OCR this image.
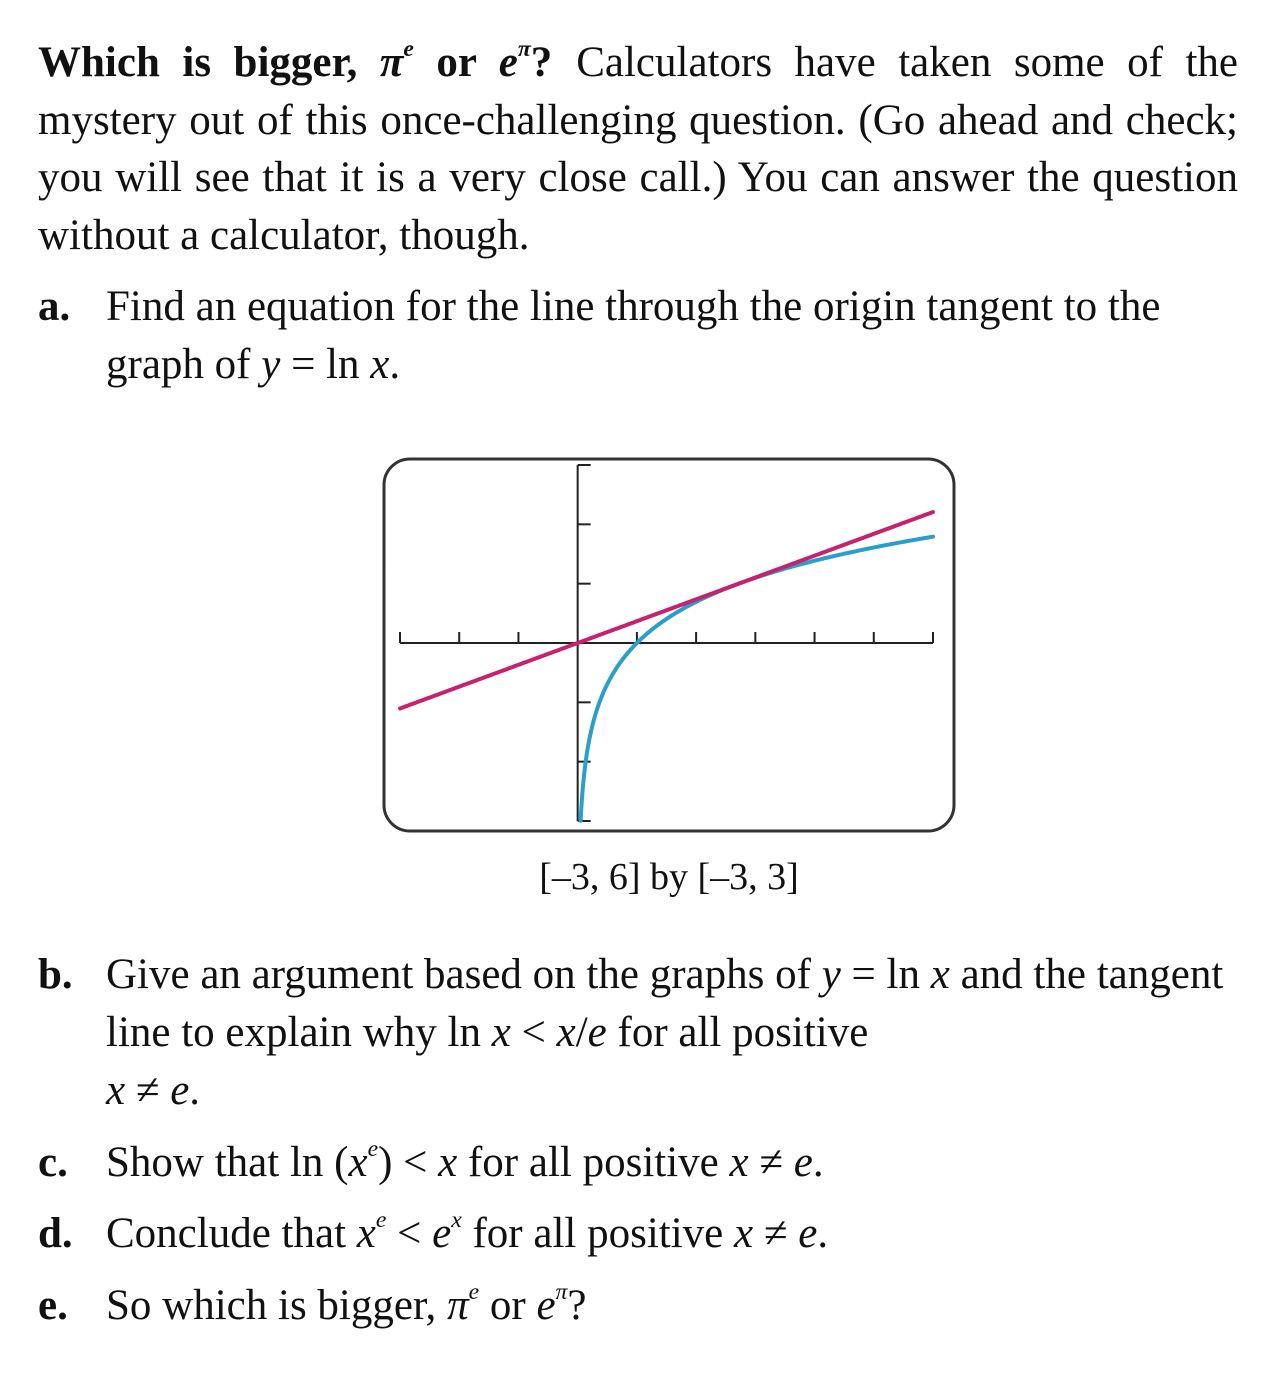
Which is bigger, $\pi^e$ or $e^\pi$? Calculators have taken some of the mystery out of this once-challenging question. (Go ahead and check; you will see that it is a very close call.) You can answer the question without a calculator, though.
a. Find an equation for the line through the origin tangent to the graph of y = ln x.
[–3, 6] by [–3, 3]
b. Give an argument based on the graphs of y = ln x and the tangent line to explain why ln x < x/e for all positive
x ≠ e.
c. Show that $\ln (x^e) < x$ for all positive x ≠ e.
d. Conclude that $x^e < e^x$ for all positive x ≠ e.
e. So which is bigger, $\pi^e$ or $e^\pi$?
